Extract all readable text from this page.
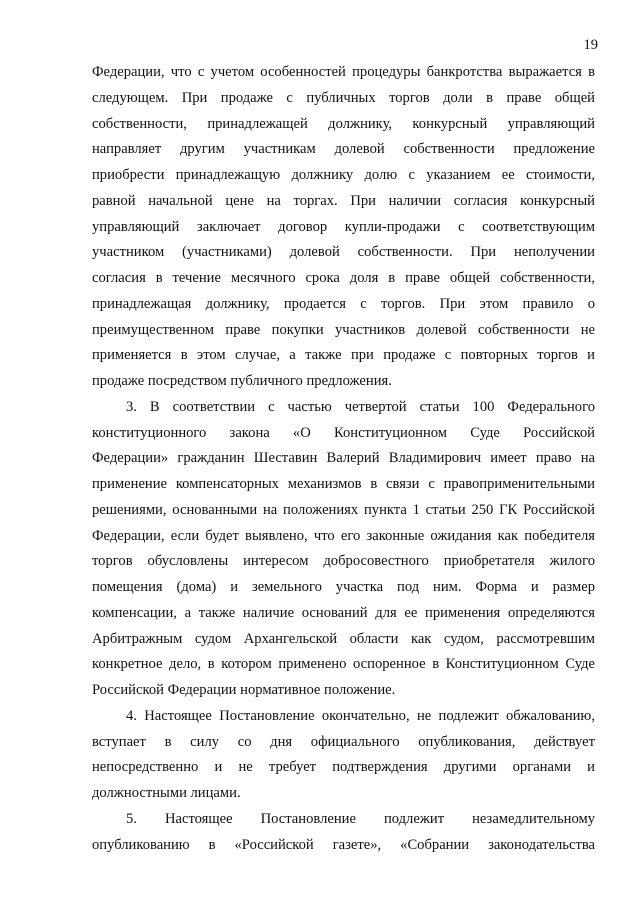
19
Федерации, что с учетом особенностей процедуры банкротства выражается в
следующем. При продаже с публичных торгов доли в праве общей
собственности, принадлежащей должнику, конкурсный управляющий
направляет другим участникам долевой собственности предложение
приобрести принадлежащую должнику долю с указанием ее стоимости,
равной начальной цене на торгах. При наличии согласия конкурсный
управляющий заключает договор купли-продажи с соответствующим
участником (участниками) долевой собственности. При неполучении
согласия в течение месячного срока доля в праве общей собственности,
принадлежащая должнику, продается с торгов. При этом правило о
преимущественном праве покупки участников долевой собственности не
применяется в этом случае, а также при продаже с повторных торгов и
продаже посредством публичного предложения.
3. В соответствии с частью четвертой статьи 100 Федерального
конституционного закона «О Конституционном Суде Российской
Федерации» гражданин Шеставин Валерий Владимирович имеет право на
применение компенсаторных механизмов в связи с правоприменительными
решениями, основанными на положениях пункта 1 статьи 250 ГК Российской
Федерации, если будет выявлено, что его законные ожидания как победителя
торгов обусловлены интересом добросовестного приобретателя жилого
помещения (дома) и земельного участка под ним. Форма и размер
компенсации, а также наличие оснований для ее применения определяются
Арбитражным судом Архангельской области как судом, рассмотревшим
конкретное дело, в котором применено оспоренное в Конституционном Суде
Российской Федерации нормативное положение.
4. Настоящее Постановление окончательно, не подлежит обжалованию,
вступает в силу со дня официального опубликования, действует
непосредственно и не требует подтверждения другими органами и
должностными лицами.
5. Настоящее Постановление подлежит незамедлительному
опубликованию в «Российской газете», «Собрании законодательства
